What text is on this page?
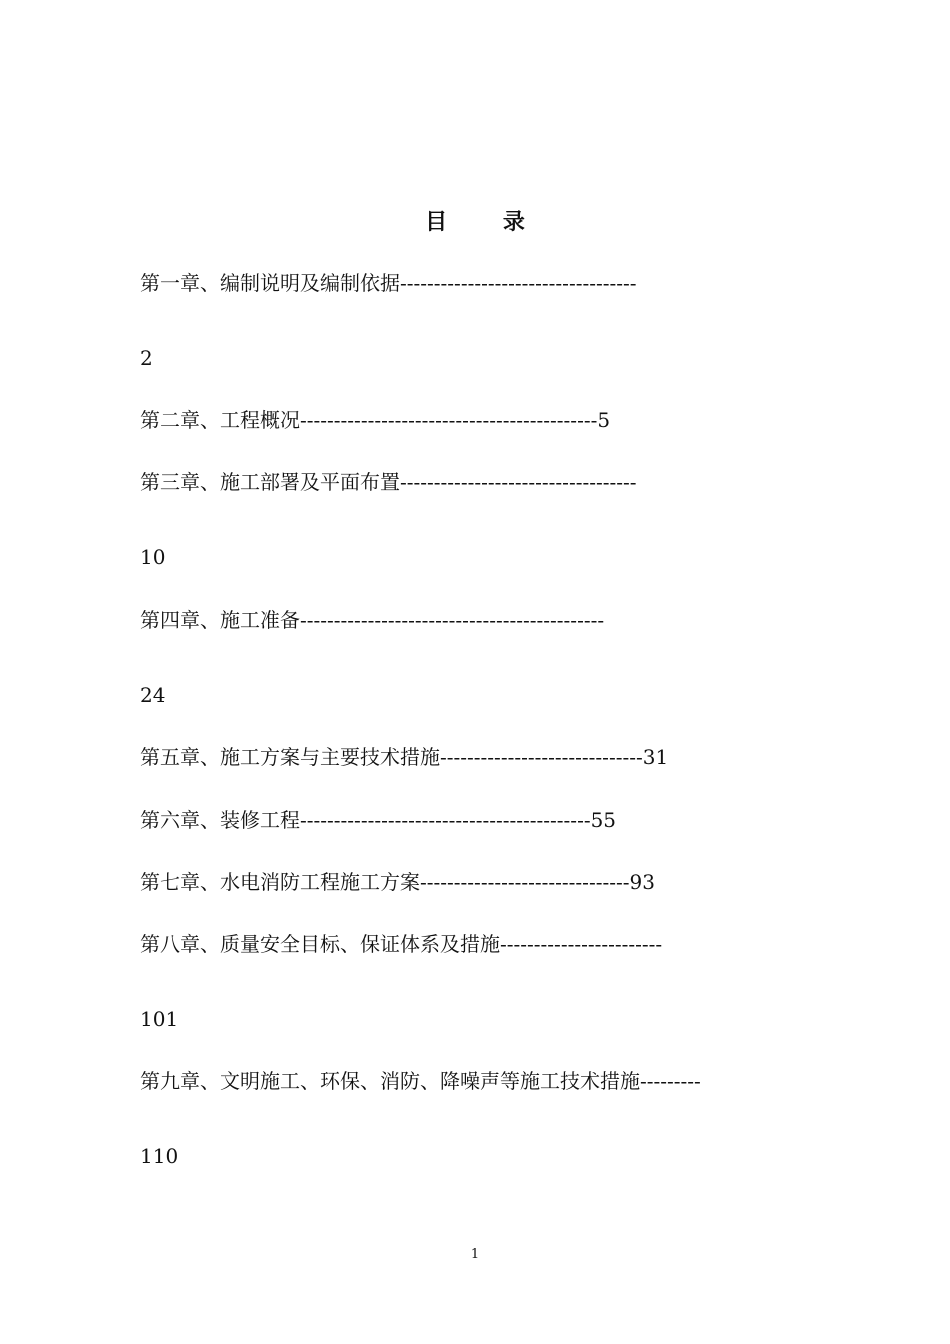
目 录
第一章、编制说明及编制依据-----------------------------------
2
第二章、工程概况--------------------------------------------5
第三章、施工部署及平面布置-----------------------------------
10
第四章、施工准备---------------------------------------------
24
第五章、施工方案与主要技术措施------------------------------31
第六章、装修工程-------------------------------------------55
第七章、水电消防工程施工方案-------------------------------93
第八章、质量安全目标、保证体系及措施------------------------
101
第九章、文明施工、环保、消防、降噪声等施工技术措施---------
110
1
